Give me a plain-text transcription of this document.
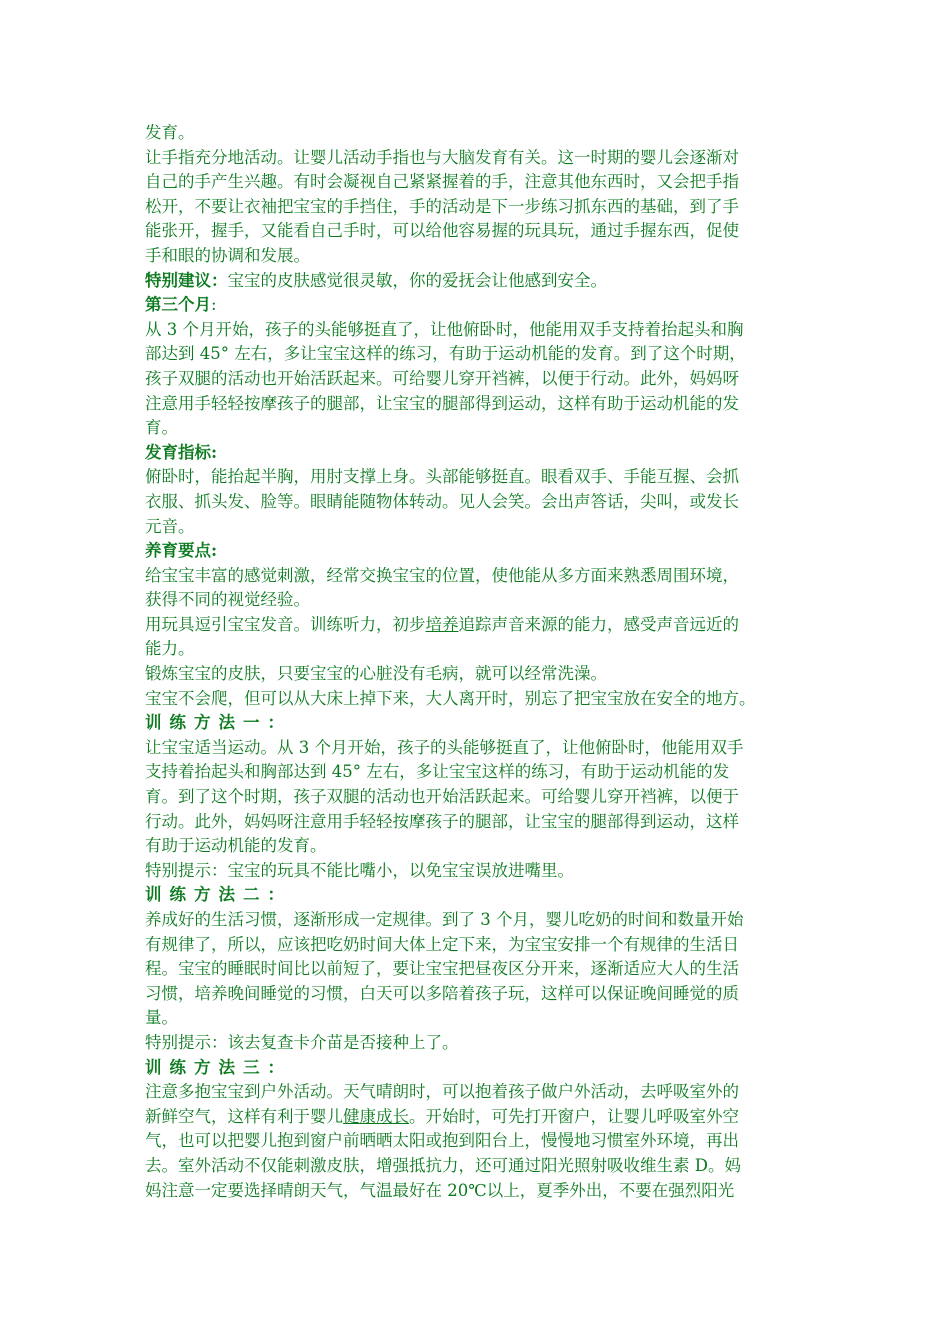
发育。
让手指充分地活动。让婴儿活动手指也与大脑发育有关。这一时期的婴儿会逐渐对
自己的手产生兴趣。有时会凝视自己紧紧握着的手，注意其他东西时，又会把手指
松开，不要让衣袖把宝宝的手挡住，手的活动是下一步练习抓东西的基础，到了手
能张开，握手，又能看自己手时，可以给他容易握的玩具玩，通过手握东西，促使
手和眼的协调和发展。
特别建议：宝宝的皮肤感觉很灵敏，你的爱抚会让他感到安全。
第三个月:
从 3 个月开始，孩子的头能够挺直了，让他俯卧时，他能用双手支持着抬起头和胸
部达到 45° 左右，多让宝宝这样的练习，有助于运动机能的发育。到了这个时期，
孩子双腿的活动也开始活跃起来。可给婴儿穿开裆裤，以便于行动。此外，妈妈呀
注意用手轻轻按摩孩子的腿部，让宝宝的腿部得到运动，这样有助于运动机能的发
育。
发育指标:
俯卧时，能抬起半胸，用肘支撑上身。头部能够挺直。眼看双手、手能互握、会抓
衣服、抓头发、脸等。眼睛能随物体转动。见人会笑。会出声答话，尖叫，或发长
元音。
养育要点:
给宝宝丰富的感觉刺激，经常交换宝宝的位置，使他能从多方面来熟悉周围环境，
获得不同的视觉经验。
用玩具逗引宝宝发音。训练听力，初步培养追踪声音来源的能力，感受声音远近的
能力。
锻炼宝宝的皮肤，只要宝宝的心脏没有毛病，就可以经常洗澡。
宝宝不会爬，但可以从大床上掉下来，大人离开时，别忘了把宝宝放在安全的地方。
训练方法一：
让宝宝适当运动。从 3 个月开始，孩子的头能够挺直了，让他俯卧时，他能用双手
支持着抬起头和胸部达到 45° 左右，多让宝宝这样的练习，有助于运动机能的发
育。到了这个时期，孩子双腿的活动也开始活跃起来。可给婴儿穿开裆裤，以便于
行动。此外，妈妈呀注意用手轻轻按摩孩子的腿部，让宝宝的腿部得到运动，这样
有助于运动机能的发育。
特别提示：宝宝的玩具不能比嘴小，以免宝宝误放进嘴里。
训练方法二：
养成好的生活习惯，逐渐形成一定规律。到了 3 个月，婴儿吃奶的时间和数量开始
有规律了，所以，应该把吃奶时间大体上定下来，为宝宝安排一个有规律的生活日
程。宝宝的睡眠时间比以前短了，要让宝宝把昼夜区分开来，逐渐适应大人的生活
习惯，培养晚间睡觉的习惯，白天可以多陪着孩子玩，这样可以保证晚间睡觉的质
量。
特别提示：该去复查卡介苗是否接种上了。
训练方法三：
注意多抱宝宝到户外活动。天气晴朗时，可以抱着孩子做户外活动，去呼吸室外的
新鲜空气，这样有利于婴儿健康成长。开始时，可先打开窗户，让婴儿呼吸室外空
气，也可以把婴儿抱到窗户前晒晒太阳或抱到阳台上，慢慢地习惯室外环境，再出
去。室外活动不仅能刺激皮肤，增强抵抗力，还可通过阳光照射吸收维生素 D。妈
妈注意一定要选择晴朗天气，气温最好在 20℃以上，夏季外出，不要在强烈阳光
